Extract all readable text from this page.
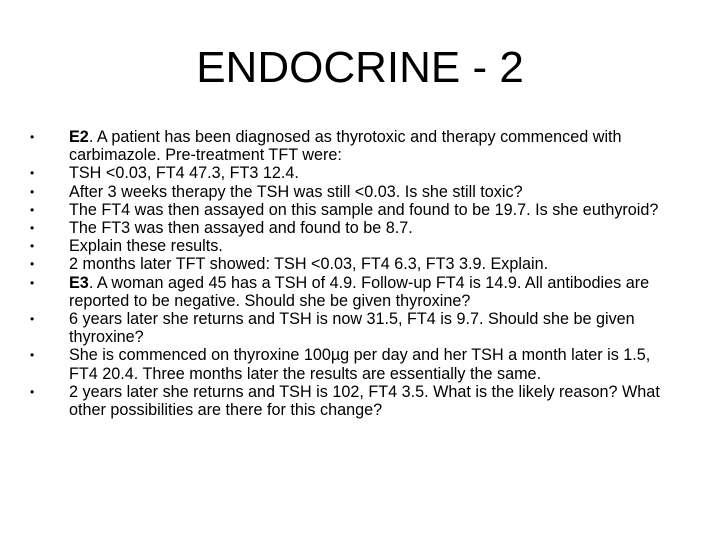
ENDOCRINE - 2
•	E2. A patient has been diagnosed as thyrotoxic and therapy commenced with carbimazole. Pre-treatment TFT were:
•	TSH <0.03, FT4 47.3, FT3 12.4.
•	After 3 weeks therapy the TSH was still <0.03. Is she still toxic?
•	The FT4 was then assayed on this sample and found to be 19.7. Is she euthyroid?
•	The FT3 was then assayed and found to be 8.7.
•	Explain these results.
•	2 months later TFT showed: TSH <0.03, FT4 6.3, FT3 3.9. Explain.
•	E3. A woman aged 45 has a TSH of 4.9. Follow-up FT4 is 14.9. All antibodies are reported to be negative. Should she be given thyroxine?
•	6 years later she returns and TSH is now 31.5, FT4 is 9.7. Should she be given thyroxine?
•	She is commenced on thyroxine 100µg per day and her TSH a month later is 1.5, FT4 20.4. Three months later the results are essentially the same.
•	2 years later she returns and TSH is 102, FT4 3.5. What is the likely reason? What other possibilities are there for this change?
